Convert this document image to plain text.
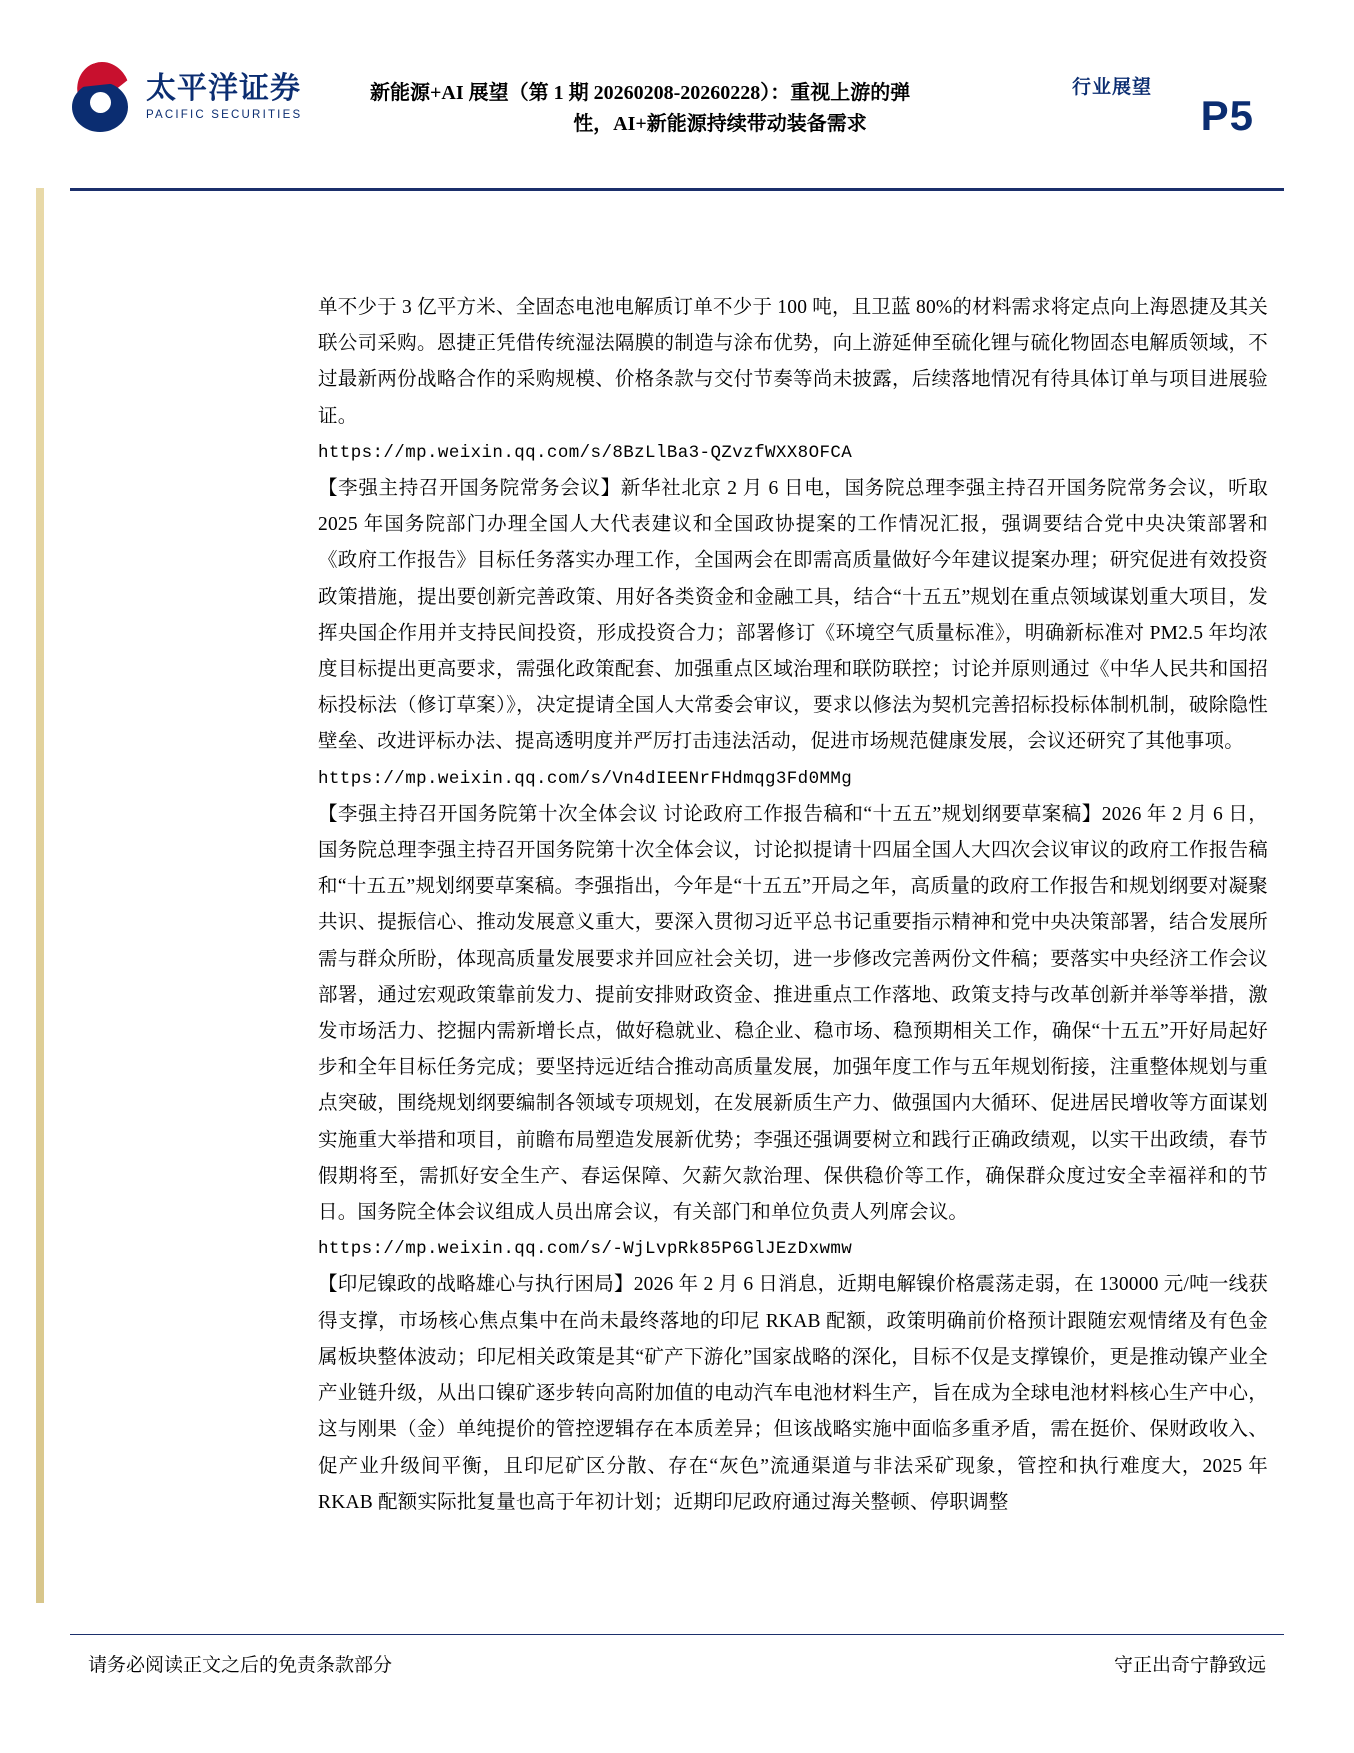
太平洋证券
PACIFIC SECURITIES
新能源+AI 展望（第 1 期 20260208-20260228）：重视上游的弹
性，AI+新能源持续带动装备需求
行业展望
P5

单不少于 3 亿平方米、全固态电池电解质订单不少于 100 吨，且卫蓝 80%的材料需求将定点向上海恩捷及其关联公司采购。恩捷正凭借传统湿法隔膜的制造与涂布优势，向上游延伸至硫化锂与硫化物固态电解质领域，不过最新两份战略合作的采购规模、价格条款与交付节奏等尚未披露，后续落地情况有待具体订单与项目进展验证。

https://mp.weixin.qq.com/s/8BzLlBa3-QZvzfWXX8OFCA

【李强主持召开国务院常务会议】新华社北京 2 月 6 日电，国务院总理李强主持召开国务院常务会议，听取 2025 年国务院部门办理全国人大代表建议和全国政协提案的工作情况汇报，强调要结合党中央决策部署和《政府工作报告》目标任务落实办理工作，全国两会在即需高质量做好今年建议提案办理；研究促进有效投资政策措施，提出要创新完善政策、用好各类资金和金融工具，结合“十五五”规划在重点领域谋划重大项目，发挥央国企作用并支持民间投资，形成投资合力；部署修订《环境空气质量标准》，明确新标准对 PM2.5 年均浓度目标提出更高要求，需强化政策配套、加强重点区域治理和联防联控；讨论并原则通过《中华人民共和国招标投标法（修订草案）》，决定提请全国人大常委会审议，要求以修法为契机完善招标投标体制机制，破除隐性壁垒、改进评标办法、提高透明度并严厉打击违法活动，促进市场规范健康发展，会议还研究了其他事项。

https://mp.weixin.qq.com/s/Vn4dIEENrFHdmqg3Fd0MMg

【李强主持召开国务院第十次全体会议 讨论政府工作报告稿和“十五五”规划纲要草案稿】2026 年 2 月 6 日，国务院总理李强主持召开国务院第十次全体会议，讨论拟提请十四届全国人大四次会议审议的政府工作报告稿和“十五五”规划纲要草案稿。李强指出，今年是“十五五”开局之年，高质量的政府工作报告和规划纲要对凝聚共识、提振信心、推动发展意义重大，要深入贯彻习近平总书记重要指示精神和党中央决策部署，结合发展所需与群众所盼，体现高质量发展要求并回应社会关切，进一步修改完善两份文件稿；要落实中央经济工作会议部署，通过宏观政策靠前发力、提前安排财政资金、推进重点工作落地、政策支持与改革创新并举等举措，激发市场活力、挖掘内需新增长点，做好稳就业、稳企业、稳市场、稳预期相关工作，确保“十五五”开好局起好步和全年目标任务完成；要坚持远近结合推动高质量发展，加强年度工作与五年规划衔接，注重整体规划与重点突破，围绕规划纲要编制各领域专项规划，在发展新质生产力、做强国内大循环、促进居民增收等方面谋划实施重大举措和项目，前瞻布局塑造发展新优势；李强还强调要树立和践行正确政绩观，以实干出政绩，春节假期将至，需抓好安全生产、春运保障、欠薪欠款治理、保供稳价等工作，确保群众度过安全幸福祥和的节日。国务院全体会议组成人员出席会议，有关部门和单位负责人列席会议。

https://mp.weixin.qq.com/s/-WjLvpRk85P6GlJEzDxwmw

【印尼镍政的战略雄心与执行困局】2026 年 2 月 6 日消息，近期电解镍价格震荡走弱，在 130000 元/吨一线获得支撑，市场核心焦点集中在尚未最终落地的印尼 RKAB 配额，政策明确前价格预计跟随宏观情绪及有色金属板块整体波动；印尼相关政策是其“矿产下游化”国家战略的深化，目标不仅是支撑镍价，更是推动镍产业全产业链升级，从出口镍矿逐步转向高附加值的电动汽车电池材料生产，旨在成为全球电池材料核心生产中心，这与刚果（金）单纯提价的管控逻辑存在本质差异；但该战略实施中面临多重矛盾，需在挺价、保财政收入、促产业升级间平衡，且印尼矿区分散、存在“灰色”流通渠道与非法采矿现象，管控和执行难度大，2025 年 RKAB 配额实际批复量也高于年初计划；近期印尼政府通过海关整顿、停职调整

请务必阅读正文之后的免责条款部分	守正出奇宁静致远
